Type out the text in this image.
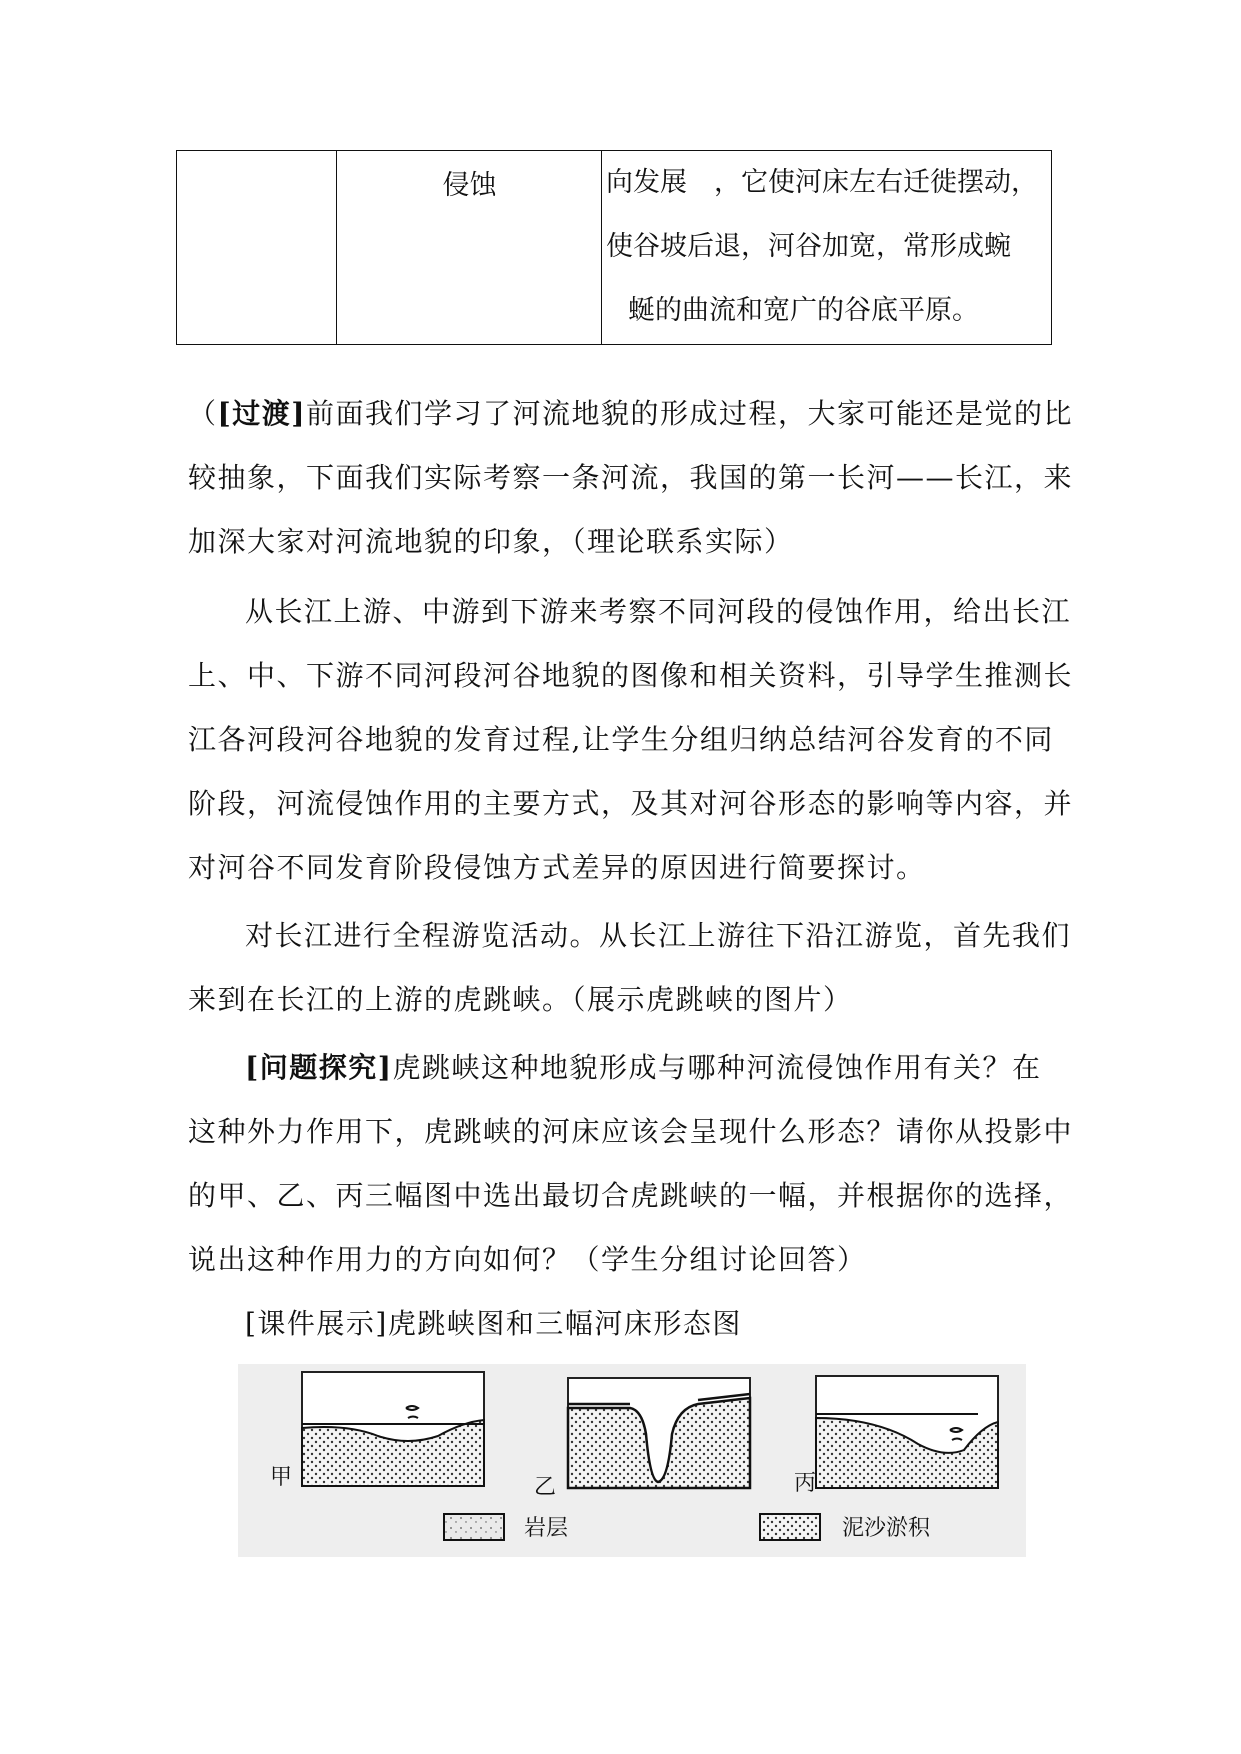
侵蚀	向发展　，它使河床左右迁徙摆动，
使谷坡后退，河谷加宽，常形成蜿
蜒的曲流和宽广的谷底平原。
（[过渡]前面我们学习了河流地貌的形成过程，大家可能还是觉的比
较抽象，下面我们实际考察一条河流，我国的第一长河——长江，来
加深大家对河流地貌的印象，（理论联系实际）
从长江上游、中游到下游来考察不同河段的侵蚀作用，给出长江
上、中、下游不同河段河谷地貌的图像和相关资料，引导学生推测长
江各河段河谷地貌的发育过程,让学生分组归纳总结河谷发育的不同
阶段，河流侵蚀作用的主要方式，及其对河谷形态的影响等内容，并
对河谷不同发育阶段侵蚀方式差异的原因进行简要探讨。
对长江进行全程游览活动。从长江上游往下沿江游览，首先我们
来到在长江的上游的虎跳峡。（展示虎跳峡的图片）
[问题探究]虎跳峡这种地貌形成与哪种河流侵蚀作用有关？在
这种外力作用下，虎跳峡的河床应该会呈现什么形态？请你从投影中
的甲、乙、丙三幅图中选出最切合虎跳峡的一幅，并根据你的选择，
说出这种作用力的方向如何？（学生分组讨论回答）
[课件展示]虎跳峡图和三幅河床形态图
甲	乙	丙
岩层	泥沙淤积
